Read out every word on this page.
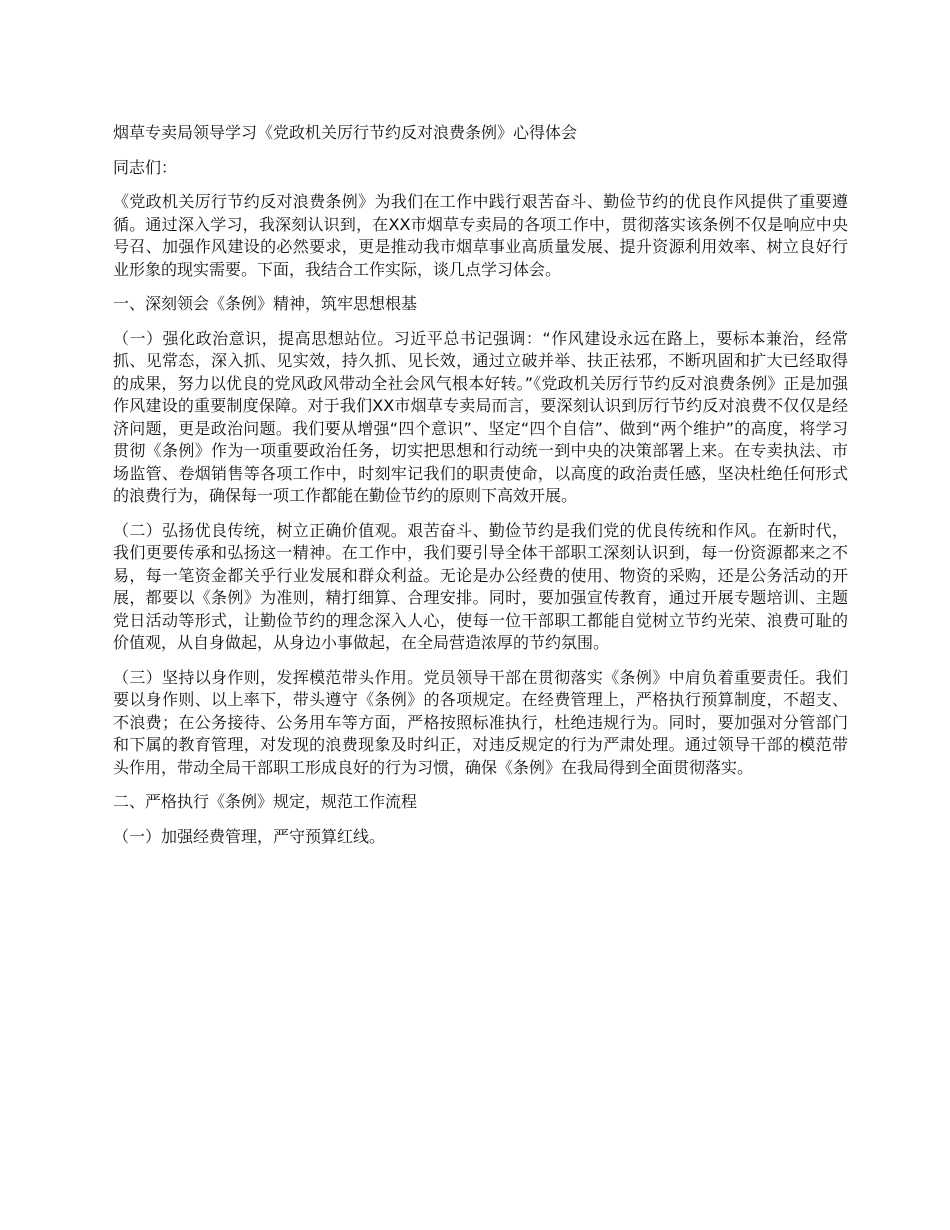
烟草专卖局领导学习《党政机关厉行节约反对浪费条例》心得体会

同志们：

《党政机关厉行节约反对浪费条例》为我们在工作中践行艰苦奋斗、勤俭节约的优良作风提供了重要遵循。通过深入学习，我深刻认识到，在XX市烟草专卖局的各项工作中，贯彻落实该条例不仅是响应中央号召、加强作风建设的必然要求，更是推动我市烟草事业高质量发展、提升资源利用效率、树立良好行业形象的现实需要。下面，我结合工作实际，谈几点学习体会。

一、深刻领会《条例》精神，筑牢思想根基

（一）强化政治意识，提高思想站位。习近平总书记强调：“作风建设永远在路上，要标本兼治，经常抓、见常态，深入抓、见实效，持久抓、见长效，通过立破并举、扶正祛邪，不断巩固和扩大已经取得的成果，努力以优良的党风政风带动全社会风气根本好转。”《党政机关厉行节约反对浪费条例》正是加强作风建设的重要制度保障。对于我们XX市烟草专卖局而言，要深刻认识到厉行节约反对浪费不仅仅是经济问题，更是政治问题。我们要从增强“四个意识”、坚定“四个自信”、做到“两个维护”的高度，将学习贯彻《条例》作为一项重要政治任务，切实把思想和行动统一到中央的决策部署上来。在专卖执法、市场监管、卷烟销售等各项工作中，时刻牢记我们的职责使命，以高度的政治责任感，坚决杜绝任何形式的浪费行为，确保每一项工作都能在勤俭节约的原则下高效开展。

（二）弘扬优良传统，树立正确价值观。艰苦奋斗、勤俭节约是我们党的优良传统和作风。在新时代，我们更要传承和弘扬这一精神。在工作中，我们要引导全体干部职工深刻认识到，每一份资源都来之不易，每一笔资金都关乎行业发展和群众利益。无论是办公经费的使用、物资的采购，还是公务活动的开展，都要以《条例》为准则，精打细算、合理安排。同时，要加强宣传教育，通过开展专题培训、主题党日活动等形式，让勤俭节约的理念深入人心，使每一位干部职工都能自觉树立节约光荣、浪费可耻的价值观，从自身做起，从身边小事做起，在全局营造浓厚的节约氛围。

（三）坚持以身作则，发挥模范带头作用。党员领导干部在贯彻落实《条例》中肩负着重要责任。我们要以身作则、以上率下，带头遵守《条例》的各项规定。在经费管理上，严格执行预算制度，不超支、不浪费；在公务接待、公务用车等方面，严格按照标准执行，杜绝违规行为。同时，要加强对分管部门和下属的教育管理，对发现的浪费现象及时纠正，对违反规定的行为严肃处理。通过领导干部的模范带头作用，带动全局干部职工形成良好的行为习惯，确保《条例》在我局得到全面贯彻落实。

二、严格执行《条例》规定，规范工作流程

（一）加强经费管理，严守预算红线。
